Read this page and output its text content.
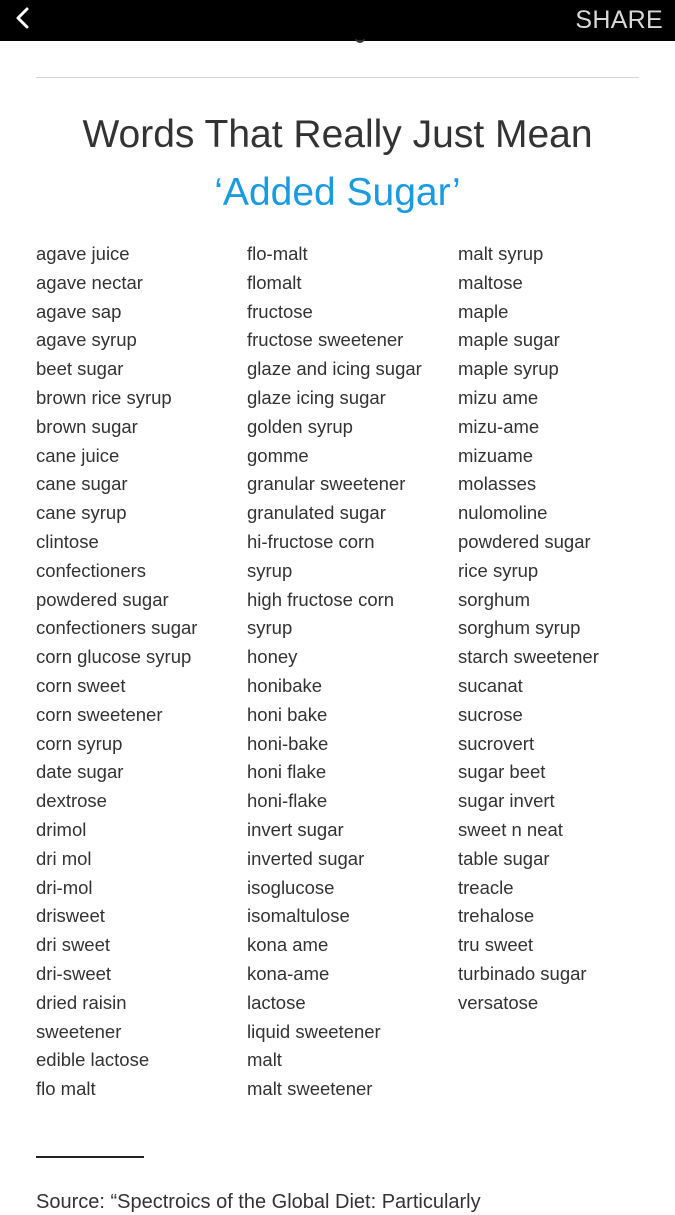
SHARE
Words That Really Just Mean
‘Added Sugar’
agave juice
agave nectar
agave sap
agave syrup
beet sugar
brown rice syrup
brown sugar
cane juice
cane sugar
cane syrup
clintose
confectioners
powdered sugar
confectioners sugar
corn glucose syrup
corn sweet
corn sweetener
corn syrup
date sugar
dextrose
drimol
dri mol
dri-mol
drisweet
dri sweet
dri-sweet
dried raisin
sweetener
edible lactose
flo malt
flo-malt
flomalt
fructose
fructose sweetener
glaze and icing sugar
glaze icing sugar
golden syrup
gomme
granular sweetener
granulated sugar
hi-fructose corn
syrup
high fructose corn
syrup
honey
honibake
honi bake
honi-bake
honi flake
honi-flake
invert sugar
inverted sugar
isoglucose
isomaltulose
kona ame
kona-ame
lactose
liquid sweetener
malt
malt sweetener
malt syrup
maltose
maple
maple sugar
maple syrup
mizu ame
mizu-ame
mizuame
molasses
nulomoline
powdered sugar
rice syrup
sorghum
sorghum syrup
starch sweetener
sucanat
sucrose
sucrovert
sugar beet
sugar invert
sweet n neat
table sugar
treacle
trehalose
tru sweet
turbinado sugar
versatose
Source: “Spectroics of the Global Diet: Particularly
